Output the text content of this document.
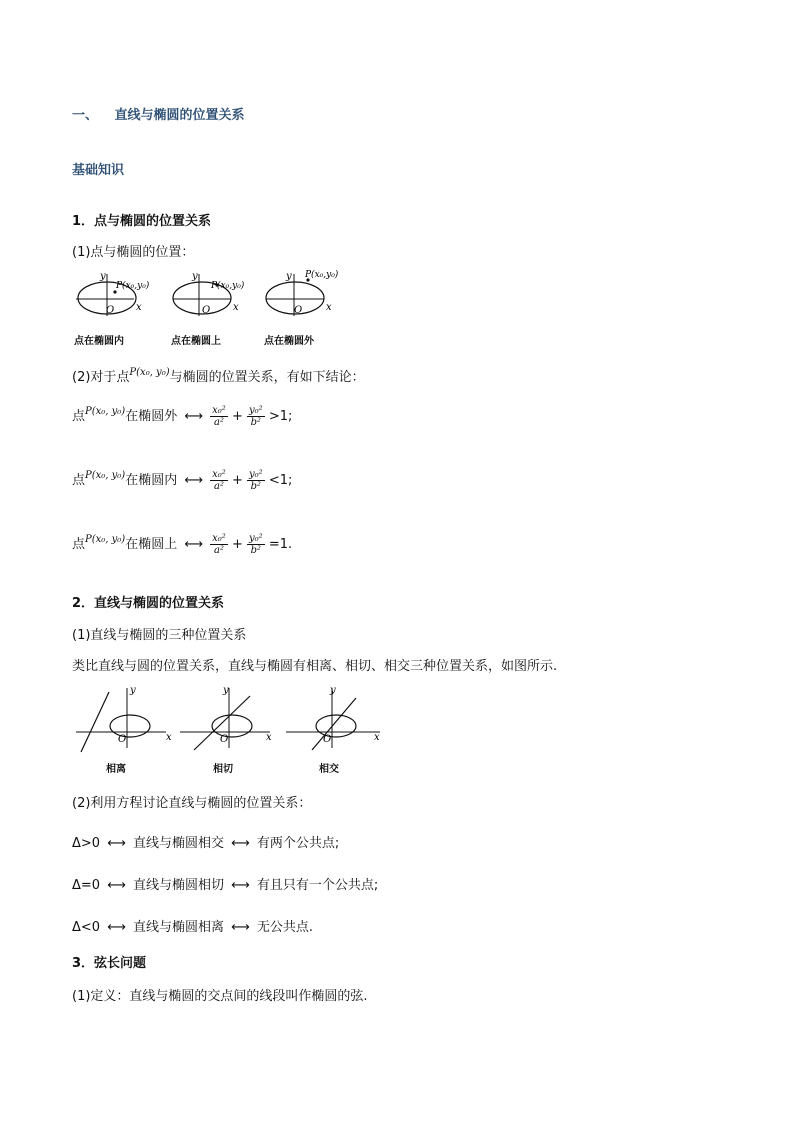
一、 直线与椭圆的位置关系
基础知识
1．点与椭圆的位置关系
(1)点与椭圆的位置：
y
x
O
P(x₀,y₀)
y
x
O
P(x₀,y₀)
y
x
O
P(x₀,y₀)
点在椭圆内	点在椭圆上	点在椭圆外
(2)对于点$^{P(x_0, y_0)}$与椭圆的位置关系，有如下结论：
点$^{P(x_0, y_0)}$在椭圆外 ⟷ $\frac{\text{x₀²}}{\text{a²}} + \frac{\text{y₀²}}{\text{b²}} >1$;
点$^{P(x_0, y_0)}$在椭圆内 ⟷ $\frac{\text{x₀²}}{\text{a²}} + \frac{\text{y₀²}}{\text{b²}} <1$;
点$^{P(x_0, y_0)}$在椭圆上 ⟷ $\frac{\text{x₀²}}{\text{a²}} + \frac{\text{y₀²}}{\text{b²}} =1$.
2．直线与椭圆的位置关系
(1)直线与椭圆的三种位置关系
类比直线与圆的位置关系，直线与椭圆有相离、相切、相交三种位置关系，如图所示.
y
x
O
y
x
O
y
x
O
相离	相切	相交
(2)利用方程讨论直线与椭圆的位置关系：
Δ>0 ⟷ 直线与椭圆相交 ⟷ 有两个公共点;
Δ=0 ⟷ 直线与椭圆相切 ⟷ 有且只有一个公共点;
Δ<0 ⟷ 直线与椭圆相离 ⟷ 无公共点.
3．弦长问题
(1)定义：直线与椭圆的交点间的线段叫作椭圆的弦.
